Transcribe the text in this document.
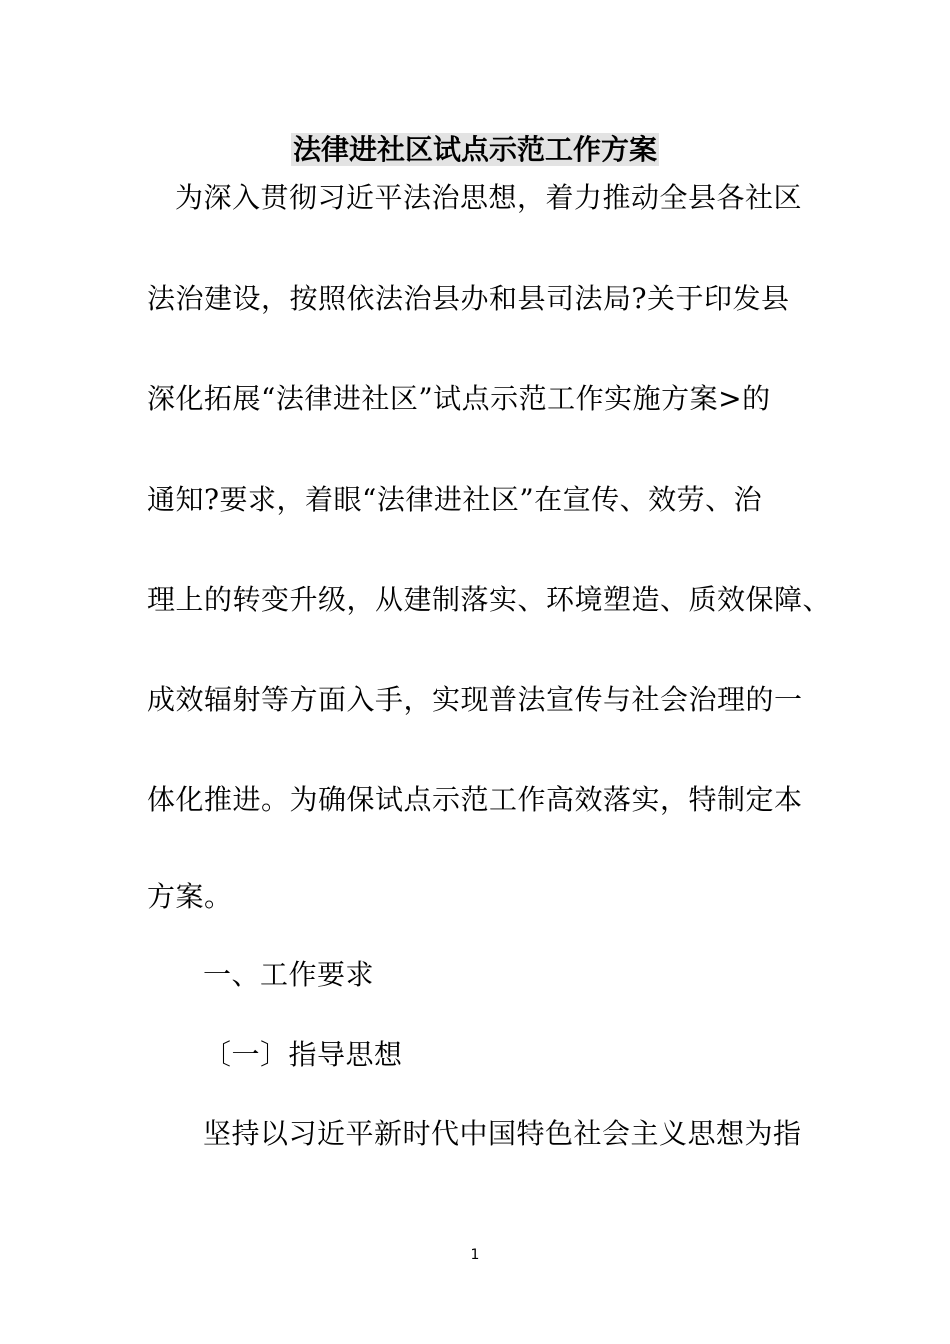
法律进社区试点示范工作方案
为深入贯彻习近平法治思想，着力推动全县各社区
法治建设，按照依法治县办和县司法局?关于印发县
深化拓展“法律进社区”试点示范工作实施方案>的
通知?要求，着眼“法律进社区”在宣传、效劳、治
理上的转变升级，从建制落实、环境塑造、质效保障、
成效辐射等方面入手，实现普法宣传与社会治理的一
体化推进。为确保试点示范工作高效落实，特制定本
方案。
一、工作要求
〔一〕指导思想
坚持以习近平新时代中国特色社会主义思想为指
1
